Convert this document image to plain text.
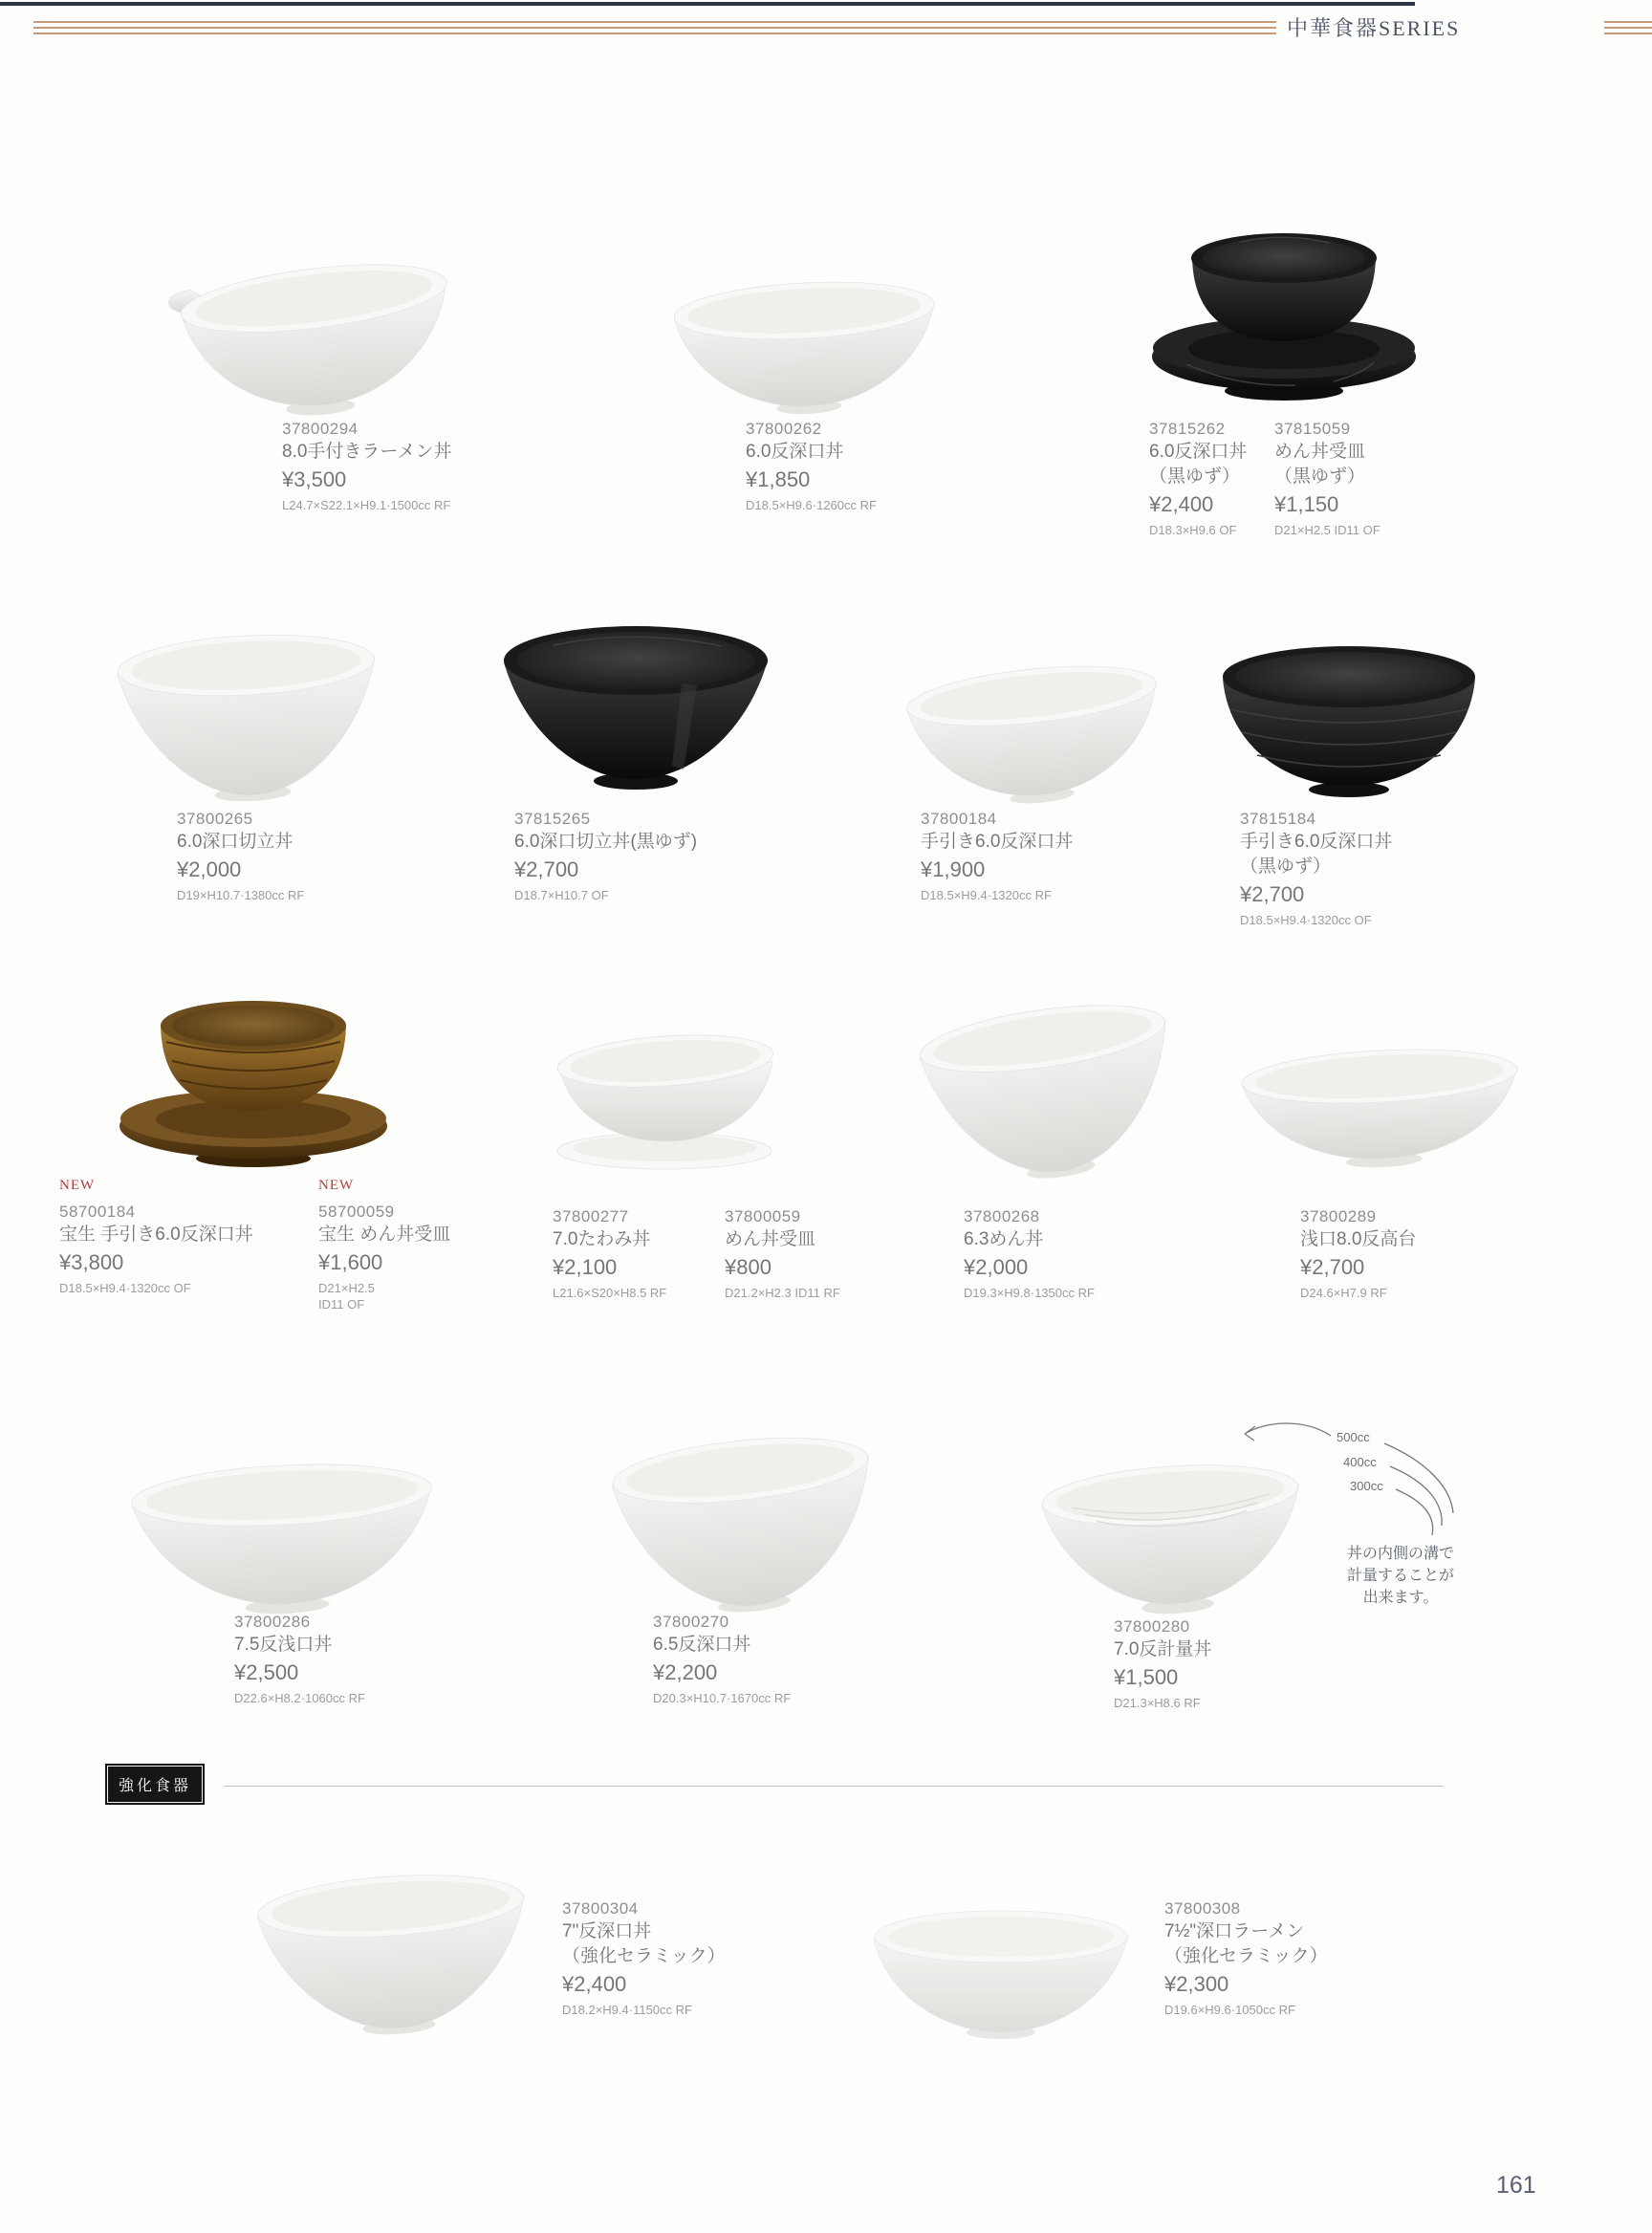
中華食器SERIES
37800294
8.0手付きラーメン丼
¥3,500
L24.7×S22.1×H9.1·1500cc RF
37800262
6.0反深口丼
¥1,850
D18.5×H9.6·1260cc RF
37815262
6.0反深口丼
（黒ゆず）
¥2,400
D18.3×H9.6 OF
37815059
めん丼受皿
（黒ゆず）
¥1,150
D21×H2.5 ID11 OF
37800265
6.0深口切立丼
¥2,000
D19×H10.7·1380cc RF
37815265
6.0深口切立丼(黒ゆず)
¥2,700
D18.7×H10.7 OF
37800184
手引き6.0反深口丼
¥1,900
D18.5×H9.4·1320cc RF
37815184
手引き6.0反深口丼
（黒ゆず）
¥2,700
D18.5×H9.4·1320cc OF
NEW
58700184
宝生 手引き6.0反深口丼
¥3,800
D18.5×H9.4·1320cc OF
NEW
58700059
宝生 めん丼受皿
¥1,600
D21×H2.5
ID11 OF
37800277
7.0たわみ丼
¥2,100
L21.6×S20×H8.5 RF
37800059
めん丼受皿
¥800
D21.2×H2.3 ID11 RF
37800268
6.3めん丼
¥2,000
D19.3×H9.8·1350cc RF
37800289
浅口8.0反高台
¥2,700
D24.6×H7.9 RF
500cc
400cc
300cc
丼の内側の溝で
計量することが
出来ます。
37800286
7.5反浅口丼
¥2,500
D22.6×H8.2·1060cc RF
37800270
6.5反深口丼
¥2,200
D20.3×H10.7·1670cc RF
37800280
7.0反計量丼
¥1,500
D21.3×H8.6 RF
強化食器
37800304
7"反深口丼
（強化セラミック）
¥2,400
D18.2×H9.4·1150cc RF
37800308
7½"深口ラーメン
（強化セラミック）
¥2,300
D19.6×H9.6·1050cc RF
161
